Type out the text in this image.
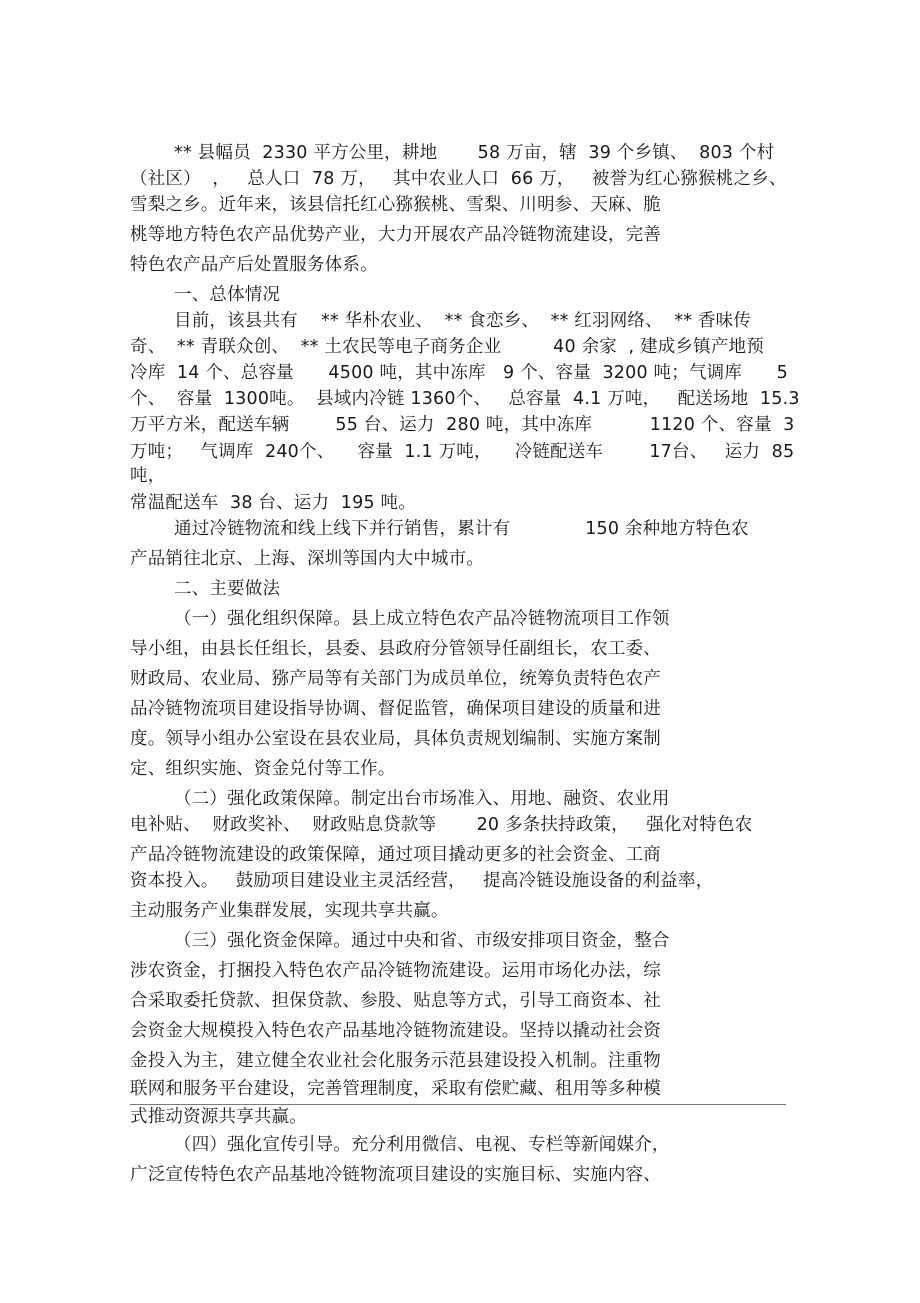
** 县幅员  2330 平方公里，耕地       58 万亩，辖  39 个乡镇、  803 个村
（社区）  ，   总人口  78 万，   其中农业人口  66 万，   被誉为红心猕猴桃之乡、
雪梨之乡。近年来，该县信托红心猕猴桃、雪梨、川明参、天麻、脆
桃等地方特色农产品优势产业，大力开展农产品冷链物流建设，完善
特色农产品产后处置服务体系。
一、总体情况
目前，该县共有    ** 华朴农业、  ** 食恋乡、  ** 红羽网络、  ** 香味传
奇、  ** 青联众创、  ** 土农民等电子商务企业         40 余家  , 建成乡镇产地预
冷库  14 个、总容量      4500 吨，其中冻库   9 个、容量  3200 吨；气调库      5
个、  容量  1300吨。  县域内冷链 1360个、   总容量  4.1 万吨，   配送场地  15.3
万平方米，配送车辆        55 台、运力  280 吨，其中冻库          1120 个、容量  3
万吨；   气调库  240个、    容量  1.1 万吨，    冷链配送车        17台、   运力  85
吨，
常温配送车  38 台、运力  195 吨。
通过冷链物流和线上线下并行销售，累计有             150 余种地方特色农
产品销往北京、上海、深圳等国内大中城市。
二、主要做法
（一）强化组织保障。县上成立特色农产品冷链物流项目工作领
导小组，由县长任组长，县委、县政府分管领导任副组长，农工委、
财政局、农业局、猕产局等有关部门为成员单位，统筹负责特色农产
品冷链物流项目建设指导协调、督促监管，确保项目建设的质量和进
度。领导小组办公室设在县农业局，具体负责规划编制、实施方案制
定、组织实施、资金兑付等工作。
（二）强化政策保障。制定出台市场准入、用地、融资、农业用
电补贴、  财政奖补、  财政贴息贷款等       20 多条扶持政策，   强化对特色农
产品冷链物流建设的政策保障，通过项目撬动更多的社会资金、工商
资本投入。   鼓励项目建设业主灵活经营，   提高冷链设施设备的利益率，
主动服务产业集群发展，实现共享共赢。
（三）强化资金保障。通过中央和省、市级安排项目资金，整合
涉农资金，打捆投入特色农产品冷链物流建设。运用市场化办法，综
合采取委托贷款、担保贷款、参股、贴息等方式，引导工商资本、社
会资金大规模投入特色农产品基地冷链物流建设。坚持以撬动社会资
金投入为主，建立健全农业社会化服务示范县建设投入机制。注重物
联网和服务平台建设，完善管理制度，采取有偿贮藏、租用等多种模
式推动资源共享共赢。
（四）强化宣传引导。充分利用微信、电视、专栏等新闻媒介，
广泛宣传特色农产品基地冷链物流项目建设的实施目标、实施内容、
